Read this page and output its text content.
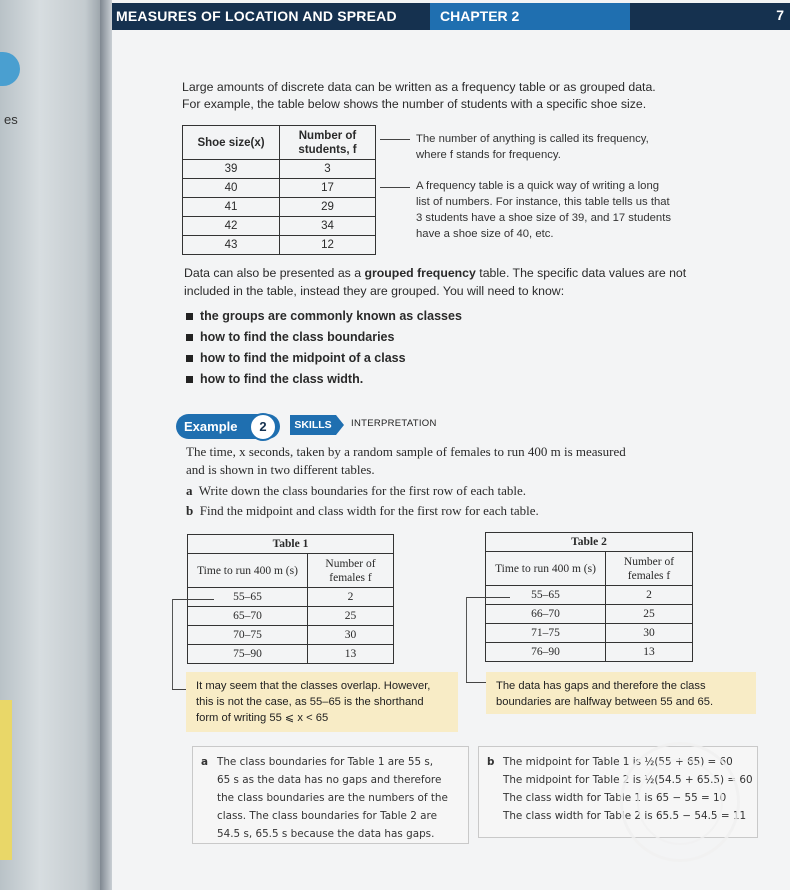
es
MEASURES OF LOCATION AND SPREAD	CHAPTER 2	7
Large amounts of discrete data can be written as a frequency table or as grouped data.
For example, the table below shows the number of students with a specific shoe size.
Shoe size(x)	Number of students, f
39	3
40	17
41	29
42	34
43	12
The number of anything is called its frequency,
where f stands for frequency.
A frequency table is a quick way of writing a long
list of numbers. For instance, this table tells us that
3 students have a shoe size of 39, and 17 students
have a shoe size of 40, etc.
Data can also be presented as a grouped frequency table. The specific data values are not
included in the table, instead they are grouped. You will need to know:
the groups are commonly known as classes
how to find the class boundaries
how to find the midpoint of a class
how to find the class width.
Example	2	SKILLS	INTERPRETATION
The time, x seconds, taken by a random sample of females to run 400 m is measured
and is shown in two different tables.
a Write down the class boundaries for the first row of each table.
b Find the midpoint and class width for the first row for each table.
Table 1	
Time to run 400 m (s)	Number of females f
55–65	2
65–70	25
70–75	30
75–90	13
Table 2	
Time to run 400 m (s)	Number of females f
55–65	2
66–70	25
71–75	30
76–90	13
It may seem that the classes overlap. However,
this is not the case, as 55–65 is the shorthand
form of writing 55 ⩽ x < 65
The data has gaps and therefore the class
boundaries are halfway between 55 and 65.
a The class boundaries for Table 1 are 55 s,
65 s as the data has no gaps and therefore
the class boundaries are the numbers of the
class. The class boundaries for Table 2 are
54.5 s, 65.5 s because the data has gaps.
b The midpoint for Table 1 is ½(55 + 65) = 60
The midpoint for Table 2 is ½(54.5 + 65.5) = 60
The class width for Table 1 is 65 − 55 = 10
The class width for Table 2 is 65.5 − 54.5 = 11
